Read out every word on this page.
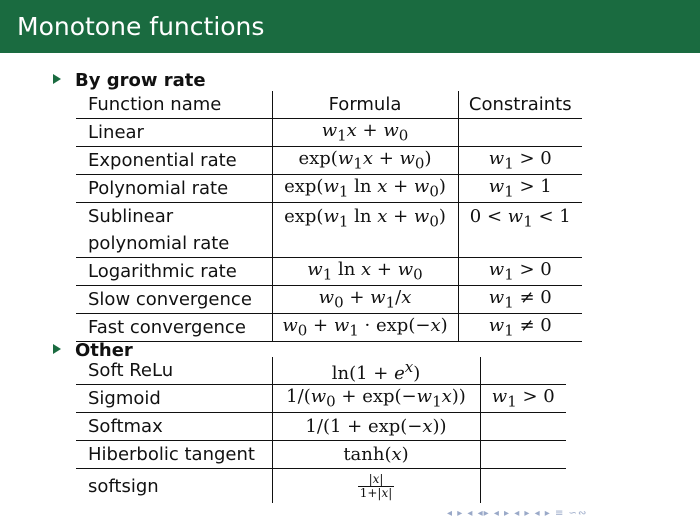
Monotone functions
By grow rate
Function name	Formula	Constraints
Linear	$w_1x + w_0$	
Exponential rate	$\exp(w_1x + w_0)$	$w_1 > 0$
Polynomial rate	$\exp(w_1$ $\ln x + w_0$)	$w_1 > 1$
Sublinear
polynomial rate	$\exp(w_1$ $\ln x + w_0$)	$0 < w_1 < 1$
Logarithmic rate	$w_1$ $\ln x + w_0$	$w_1 > 0$
Slow convergence	$w_0 + w_1/x$	$w_1 \ne 0$
Fast convergence	$w_0 + w_1 \cdot \exp(-x)$	$w_1 \ne 0$
Other
Soft ReLu	$\ln(1 + e^x)$	
Sigmoid	$1/(w_0 + \exp(-w_1x))$	$w_1 > 0$
Softmax	1/(1 + exp(−x))	
Hiberbolic tangent	tanh(x)	
softsign	$\frac{|x|}{1+|x|}$

◂ ▸ ◂ ◂▸ ◂ ▸ ◂ ▸ ◂ ▸ ≡ ∽∾
